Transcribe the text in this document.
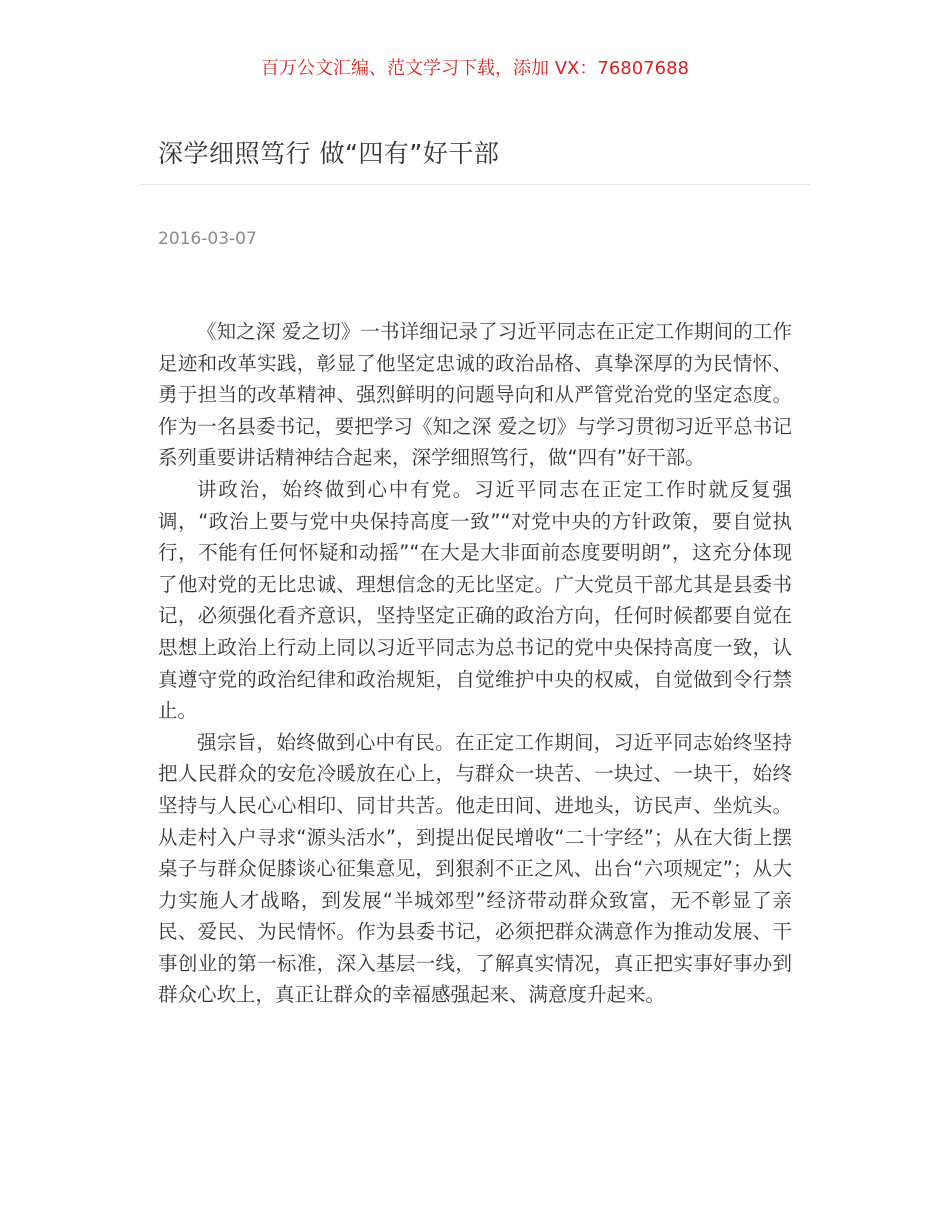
百万公文汇编、范文学习下载，添加 VX：76807688
深学细照笃行 做“四有”好干部
2016-03-07

《知之深 爱之切》一书详细记录了习近平同志在正定工作期间的工作足迹和改革实践，彰显了他坚定忠诚的政治品格、真挚深厚的为民情怀、勇于担当的改革精神、强烈鲜明的问题导向和从严管党治党的坚定态度。作为一名县委书记，要把学习《知之深 爱之切》与学习贯彻习近平总书记系列重要讲话精神结合起来，深学细照笃行，做“四有”好干部。

讲政治，始终做到心中有党。习近平同志在正定工作时就反复强调，“政治上要与党中央保持高度一致”“对党中央的方针政策，要自觉执行，不能有任何怀疑和动摇”“在大是大非面前态度要明朗”，这充分体现了他对党的无比忠诚、理想信念的无比坚定。广大党员干部尤其是县委书记，必须强化看齐意识，坚持坚定正确的政治方向，任何时候都要自觉在思想上政治上行动上同以习近平同志为总书记的党中央保持高度一致，认真遵守党的政治纪律和政治规矩，自觉维护中央的权威，自觉做到令行禁止。

强宗旨，始终做到心中有民。在正定工作期间，习近平同志始终坚持把人民群众的安危冷暖放在心上，与群众一块苦、一块过、一块干，始终坚持与人民心心相印、同甘共苦。他走田间、进地头，访民声、坐炕头。从走村入户寻求“源头活水”，到提出促民增收“二十字经”；从在大街上摆桌子与群众促膝谈心征集意见，到狠刹不正之风、出台“六项规定”；从大力实施人才战略，到发展“半城郊型”经济带动群众致富，无不彰显了亲民、爱民、为民情怀。作为县委书记，必须把群众满意作为推动发展、干事创业的第一标准，深入基层一线，了解真实情况，真正把实事好事办到群众心坎上，真正让群众的幸福感强起来、满意度升起来。
